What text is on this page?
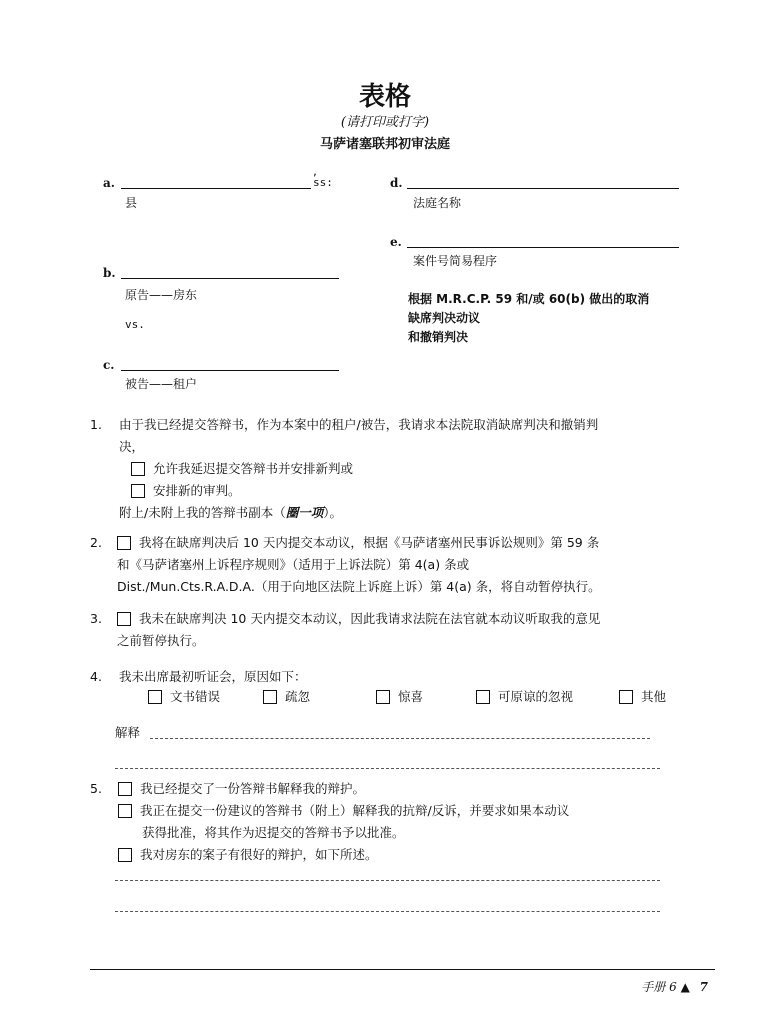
表格
(请打印或打字)
马萨诸塞联邦初审法庭
a.
,
ss:
县
b.
原告——房东
vs.
c.
被告——租户
d.
法庭名称
e.
案件号简易程序
根据 M.R.C.P. 59 和/或 60(b) 做出的取消
缺席判决动议
和撤销判决
1. 由于我已经提交答辩书，作为本案中的租户/被告，我请求本法院取消缺席判决和撤销判
决，
允许我延迟提交答辩书并安排新判或
安排新的审判。
附上/未附上我的答辩书副本（圈一项）。
2.	我将在缺席判决后 10 天内提交本动议，根据《马萨诸塞州民事诉讼规则》第 59 条
和《马萨诸塞州上诉程序规则》（适用于上诉法院）第 4(a) 条或
Dist./Mun.Cts.R.A.D.A.（用于向地区法院上诉庭上诉）第 4(a) 条，将自动暂停执行。
3.	我未在缺席判决 10 天内提交本动议，因此我请求法院在法官就本动议听取我的意见
之前暂停执行。
4. 我未出席最初听证会，原因如下：
文书错误	疏忽	惊喜	可原谅的忽视	其他
解释
5.	我已经提交了一份答辩书解释我的辩护。
我正在提交一份建议的答辩书（附上）解释我的抗辩/反诉，并要求如果本动议
获得批准，将其作为迟提交的答辩书予以批准。
我对房东的案子有很好的辩护，如下所述。
手册 6 ▲ 7
